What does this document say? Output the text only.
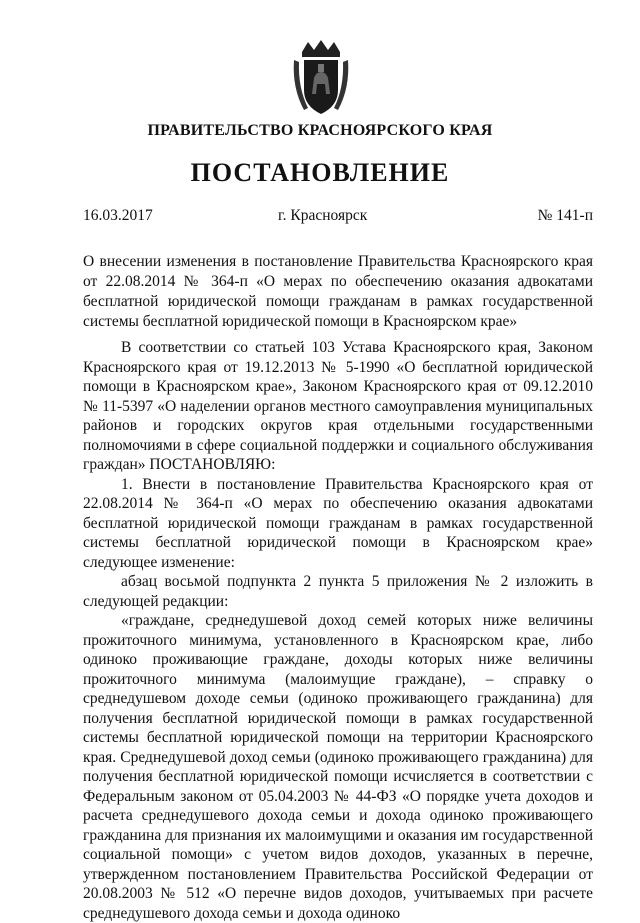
ПРАВИТЕЛЬСТВО КРАСНОЯРСКОГО КРАЯ
ПОСТАНОВЛЕНИЕ
16.03.2017	г. Красноярск	№ 141-п
О внесении изменения в постановление Правительства Красноярского края от 22.08.2014 № 364-п «О мерах по обеспечению оказания адвокатами бесплатной юридической помощи гражданам в рамках государственной системы бесплатной юридической помощи в Красноярском крае»

В соответствии со статьей 103 Устава Красноярского края, Законом Красноярского края от 19.12.2013 № 5-1990 «О бесплатной юридической помощи в Красноярском крае», Законом Красноярского края от 09.12.2010 № 11-5397 «О наделении органов местного самоуправления муниципальных районов и городских округов края отдельными государственными полномочиями в сфере социальной поддержки и социального обслуживания граждан» ПОСТАНОВЛЯЮ:

1. Внести в постановление Правительства Красноярского края от 22.08.2014 № 364-п «О мерах по обеспечению оказания адвокатами бесплатной юридической помощи гражданам в рамках государственной системы бесплатной юридической помощи в Красноярском крае» следующее изменение:

абзац восьмой подпункта 2 пункта 5 приложения № 2 изложить в следующей редакции:

«граждане, среднедушевой доход семей которых ниже величины прожиточного минимума, установленного в Красноярском крае, либо одиноко проживающие граждане, доходы которых ниже величины прожиточного минимума (малоимущие граждане), – справку о среднедушевом доходе семьи (одиноко проживающего гражданина) для получения бесплатной юридической помощи в рамках государственной системы бесплатной юридической помощи на территории Красноярского края. Среднедушевой доход семьи (одиноко проживающего гражданина) для получения бесплатной юридической помощи исчисляется в соответствии с Федеральным законом от 05.04.2003 № 44-ФЗ «О порядке учета доходов и расчета среднедушевого дохода семьи и дохода одиноко проживающего гражданина для признания их малоимущими и оказания им государственной социальной помощи» с учетом видов доходов, указанных в перечне, утвержденном постановлением Правительства Российской Федерации от 20.08.2003 № 512 «О перечне видов доходов, учитываемых при расчете среднедушевого дохода семьи и дохода одиноко
